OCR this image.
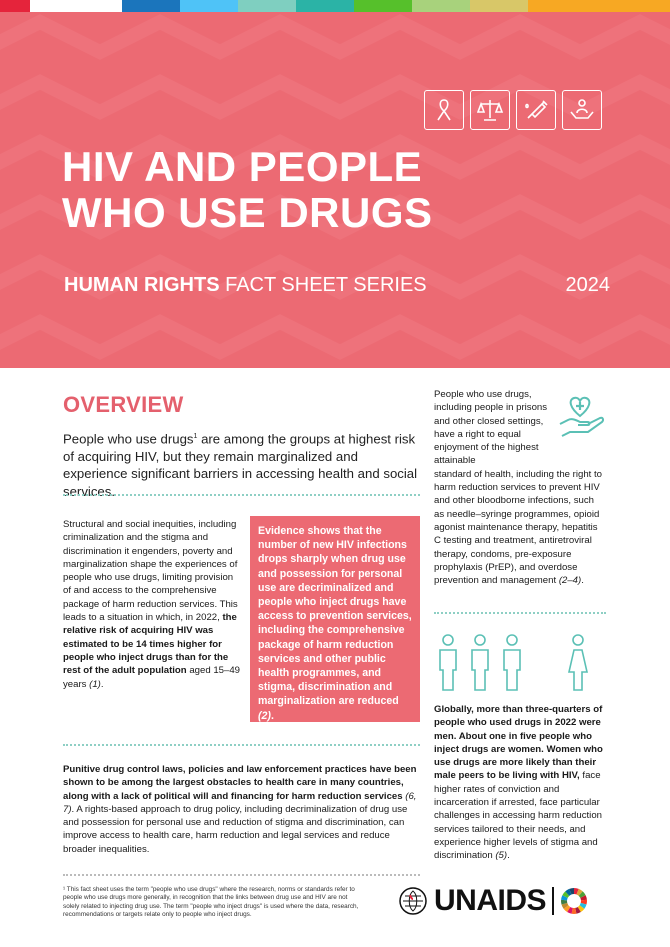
HIV AND PEOPLE
WHO USE DRUGS
HUMAN RIGHTS FACT SHEET SERIES	2024
OVERVIEW

People who use drugs$^1$ are among the groups at highest risk of acquiring HIV, but they remain marginalized and experience significant barriers in accessing health and social services.

Structural and social inequities, including criminalization and the stigma and discrimination it engenders, poverty and marginalization shape the experiences of people who use drugs, limiting provision of and access to the comprehensive package of harm reduction services. This leads to a situation in which, in 2022, the relative risk of acquiring HIV was estimated to be 14 times higher for people who inject drugs than for the rest of the adult population aged 15–49 years (1).

Evidence shows that the number of new HIV infections drops sharply when drug use and possession for personal use are decriminalized and people who inject drugs have access to prevention services, including the comprehensive package of harm reduction services and other public health programmes, and stigma, discrimination and marginalization are reduced (2).

People who use drugs, including people in prisons and other closed settings, have a right to equal enjoyment of the highest attainable
standard of health, including the right to harm reduction services to prevent HIV and other bloodborne infections, such as needle–syringe programmes, opioid agonist maintenance therapy, hepatitis C testing and treatment, antiretroviral therapy, condoms, pre-exposure prophylaxis (PrEP), and overdose prevention and management (2–4).

Globally, more than three-quarters of people who used drugs in 2022 were men. About one in five people who inject drugs are women. Women who use drugs are more likely than their male peers to be living with HIV, face higher rates of conviction and incarceration if arrested, face particular challenges in accessing harm reduction services tailored to their needs, and experience higher levels of stigma and discrimination (5).

Punitive drug control laws, policies and law enforcement practices have been shown to be among the largest obstacles to health care in many countries, along with a lack of political will and financing for harm reduction services (6, 7). A rights-based approach to drug policy, including decriminalization of drug use and possession for personal use and reduction of stigma and discrimination, can improve access to health care, harm reduction and legal services and reduce broader inequalities.

¹ This fact sheet uses the term "people who use drugs" where the research, norms or standards refer to people who use drugs more generally, in recognition that the links between drug use and HIV are not solely related to injecting drug use. The term "people who inject drugs" is used where the data, research, recommendations or targets relate only to people who inject drugs.	UNAIDS
